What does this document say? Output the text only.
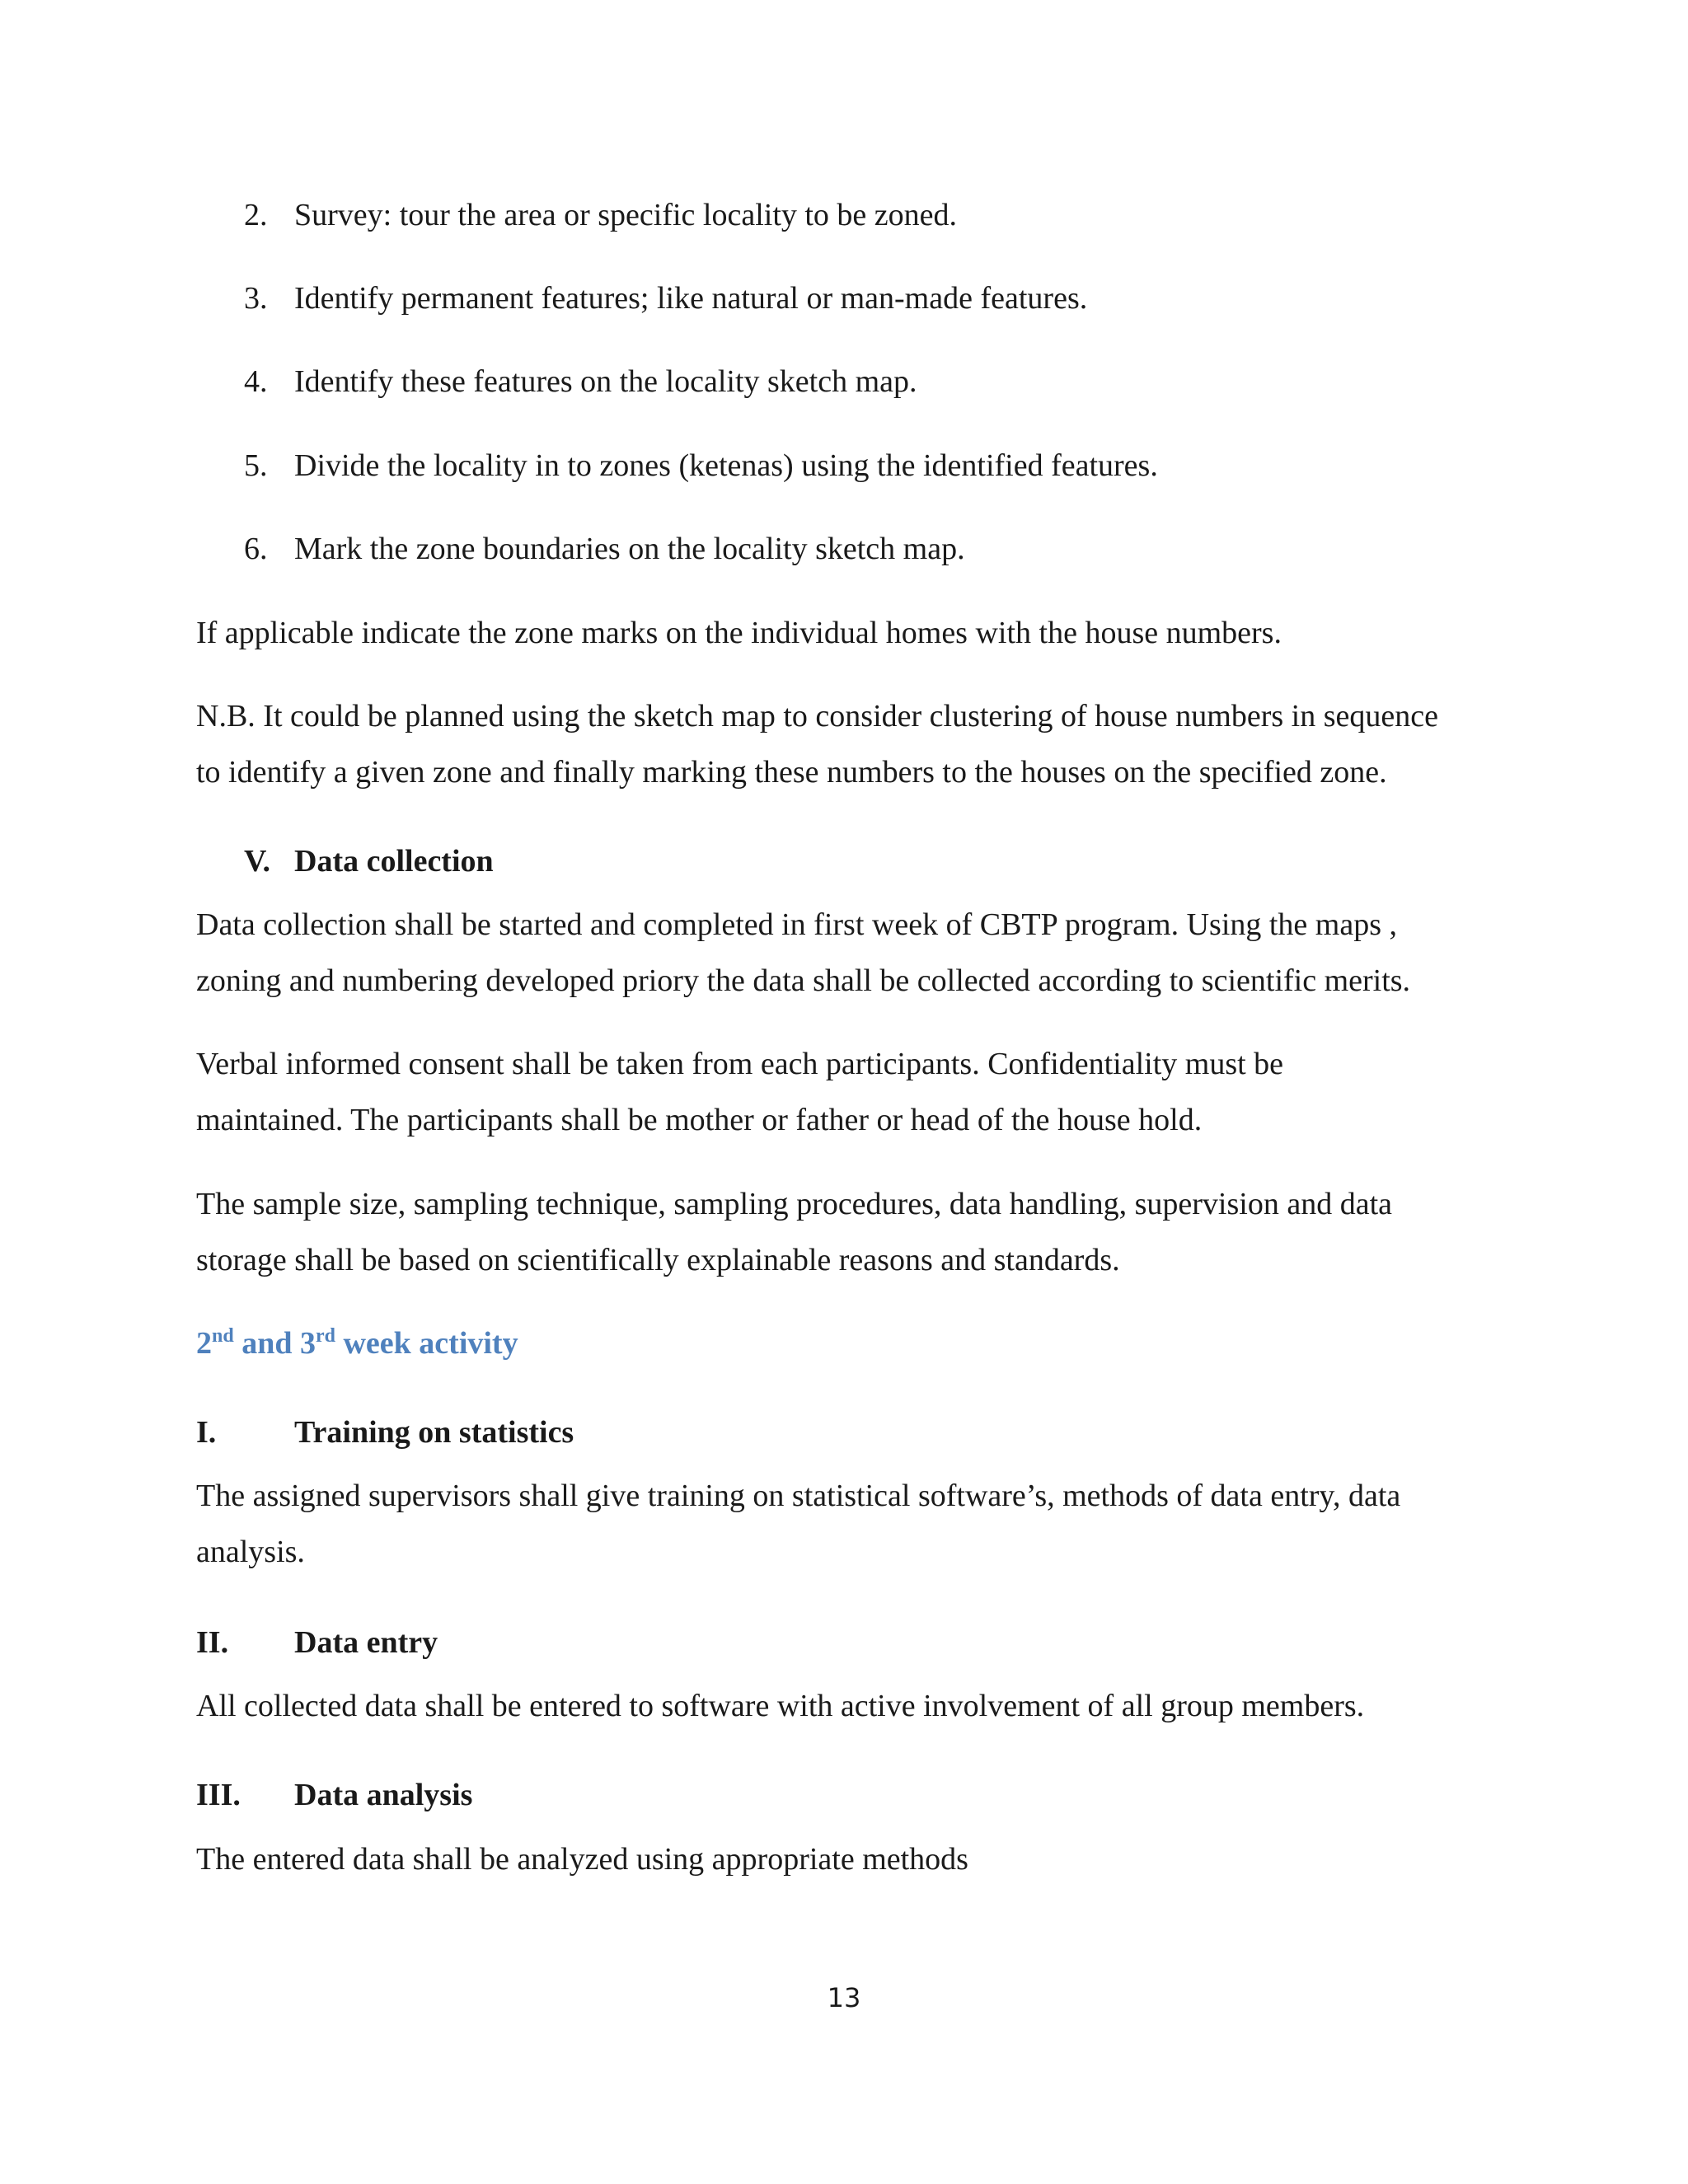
2. Survey: tour the area or specific locality to be zoned.
3. Identify permanent features; like natural or man-made features.
4. Identify these features on the locality sketch map.
5. Divide the locality in to zones (ketenas) using the identified features.
6. Mark the zone boundaries on the locality sketch map.
If applicable indicate the zone marks on the individual homes with the house numbers.
N.B. It could be planned using the sketch map to consider clustering of house numbers in sequence
to identify a given zone and finally marking these numbers to the houses on the specified zone.
V. Data collection
Data collection shall be started and completed in first week of CBTP program. Using the maps ,
zoning and numbering developed priory the data shall be collected according to scientific merits.
Verbal informed consent shall be taken from each participants. Confidentiality must be
maintained. The participants shall be mother or father or head of the house hold.
The sample size, sampling technique, sampling procedures, data handling, supervision and data
storage shall be based on scientifically explainable reasons and standards.
2nd and 3rd week activity
I. Training on statistics
The assigned supervisors shall give training on statistical software’s, methods of data entry, data
analysis.
II. Data entry
All collected data shall be entered to software with active involvement of all group members.
III. Data analysis
The entered data shall be analyzed using appropriate methods
13
